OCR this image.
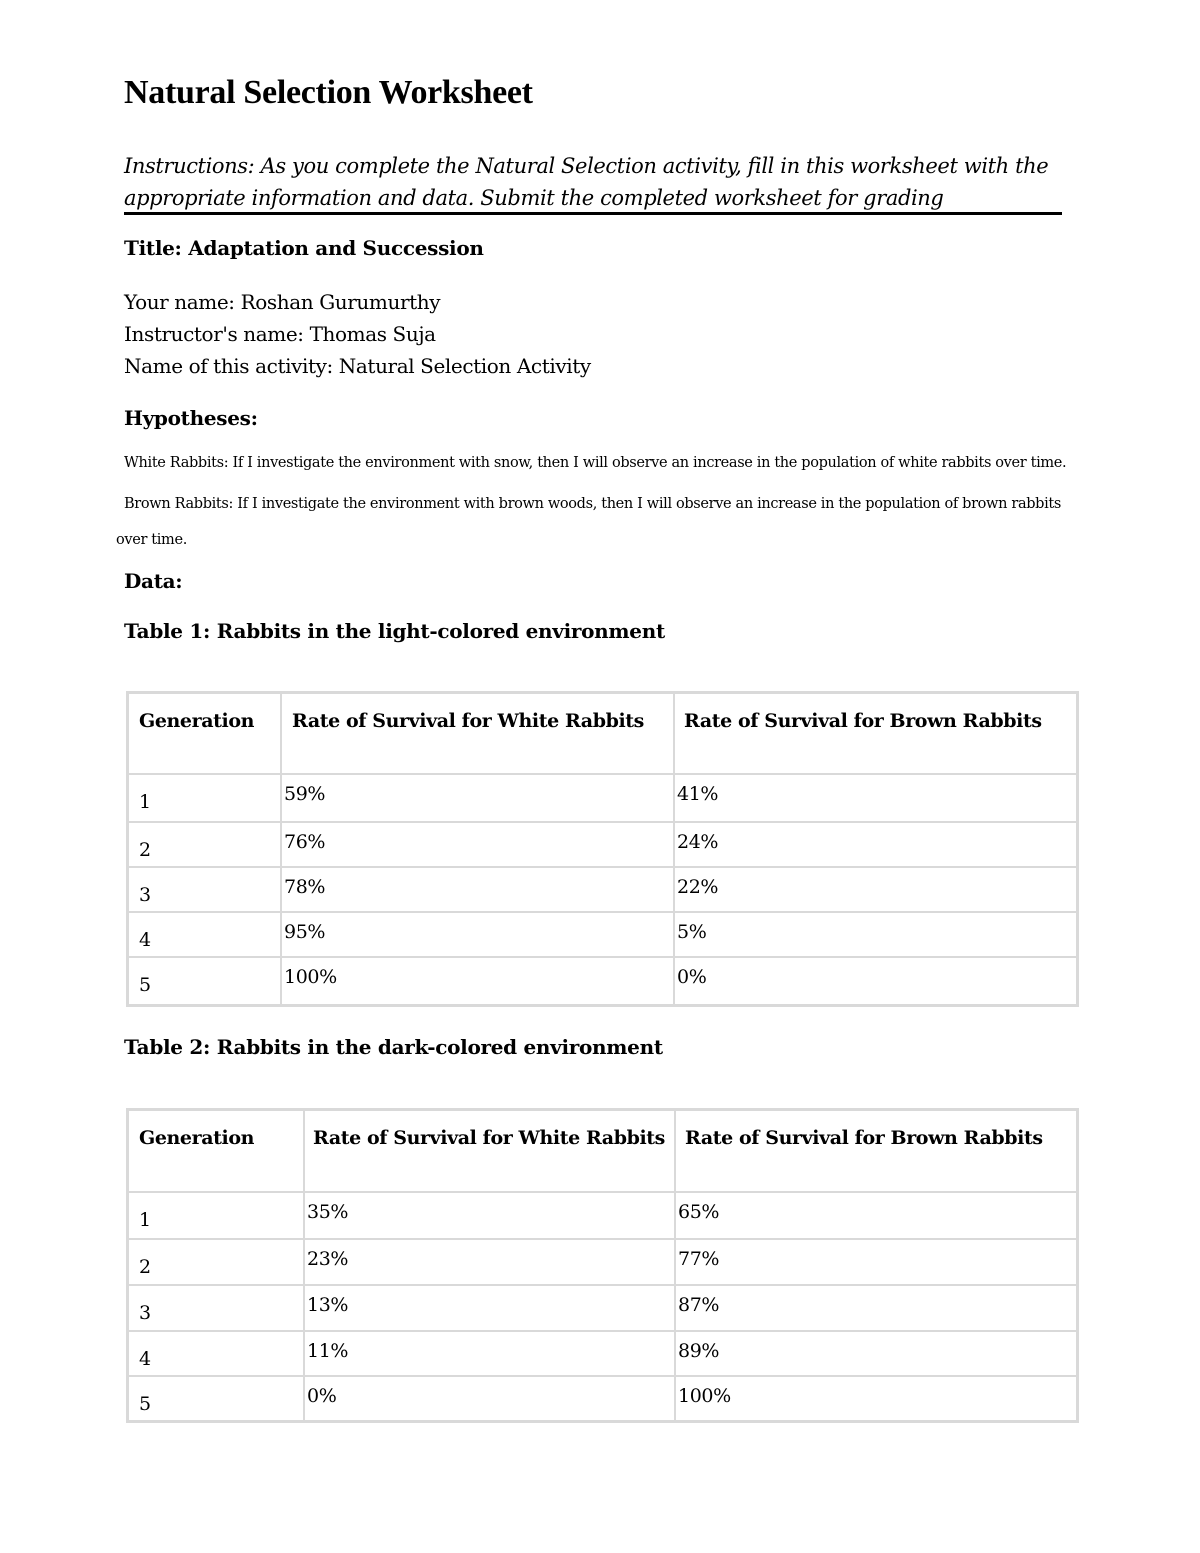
Natural Selection Worksheet
Instructions: As you complete the Natural Selection activity, fill in this worksheet with the
appropriate information and data. Submit the completed worksheet for grading
Title: Adaptation and Succession
Your name: Roshan Gurumurthy
Instructor's name: Thomas Suja
Name of this activity: Natural Selection Activity
Hypotheses:
White Rabbits: If I investigate the environment with snow, then I will observe an increase in the population of white rabbits over time.
Brown Rabbits: If I investigate the environment with brown woods, then I will observe an increase in the population of brown rabbits
over time.
Data:
Table 1: Rabbits in the light-colored environment
Generation	Rate of Survival for White Rabbits	Rate of Survival for Brown Rabbits

1	59%	41%

2	76%	24%

3	78%	22%

4	95%	5%

5	100%	0%
Table 2: Rabbits in the dark-colored environment
Generation	Rate of Survival for White Rabbits	Rate of Survival for Brown Rabbits

1	35%	65%

2	23%	77%

3	13%	87%

4	11%	89%

5	0%	100%
